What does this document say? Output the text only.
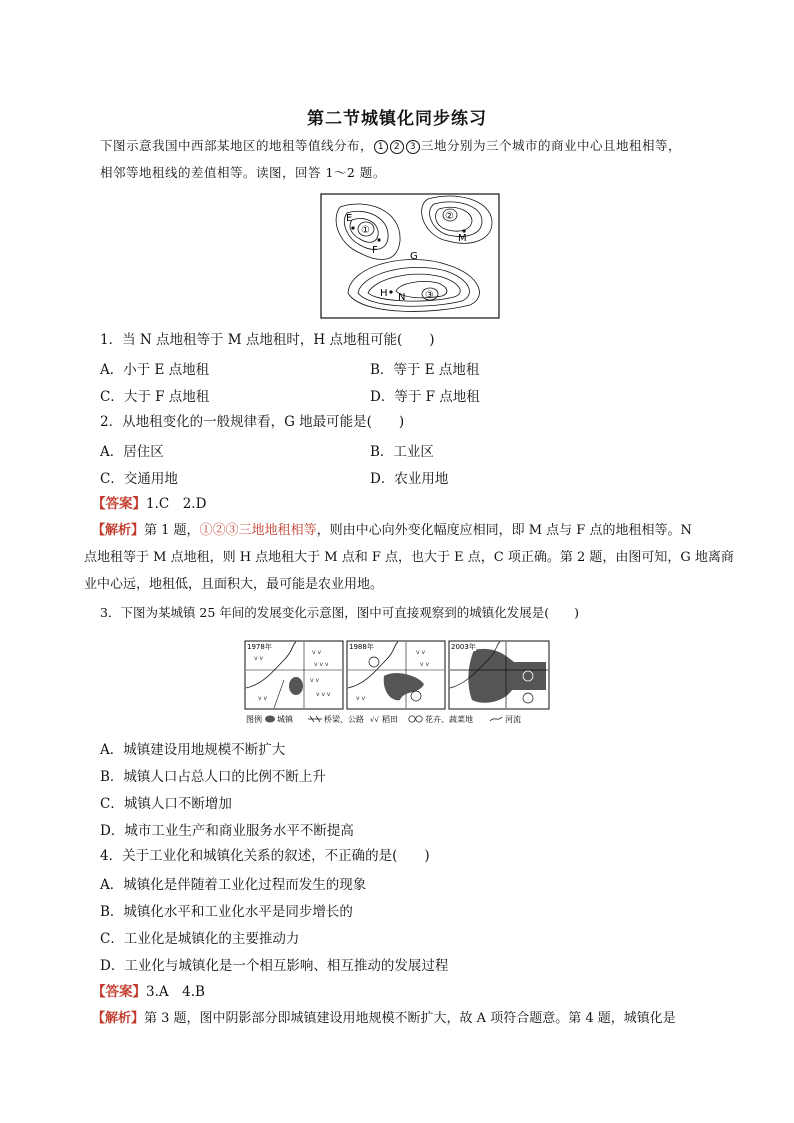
第二节城镇化同步练习
下图示意我国中西部某地区的地租等值线分布， 1 2 3 三地分别为三个城市的商业中心且地租相等，
相邻等地租线的差值相等。读图，回答 1～2 题。
E
F
G
H
M
N
①
②
③
1．当 N 点地租等于 M 点地租时，H 点地租可能(　　)
A．小于 E 点地租	B．等于 E 点地租
C．大于 F 点地租	D．等于 F 点地租
2．从地租变化的一般规律看，G 地最可能是(　　)
A．居住区	B．工业区
C．交通用地	D．农业用地
【答案】1.C　2.D
【解析】第 1 题，①②③三地地租相等，则由中心向外变化幅度应相同，即 M 点与 F 点的地租相等。N
点地租等于 M 点地租，则 H 点地租大于 M 点和 F 点，也大于 E 点，C 项正确。第 2 题，由图可知，G 地离商
业中心远，地租低，且面积大，最可能是农业用地。
3．下图为某城镇 25 年间的发展变化示意图，图中可直接观察到的城镇化发展是(　　)
v v
v v v
v v
v v v
v v
v v
1978年
v v
v v
v v
1988年	2003年
图例 城镇	桥梁、公路 √√ 稻田	花卉、蔬菜地	河流
A．城镇建设用地规模不断扩大
B．城镇人口占总人口的比例不断上升
C．城镇人口不断增加
D．城市工业生产和商业服务水平不断提高
4．关于工业化和城镇化关系的叙述，不正确的是(　　)
A．城镇化是伴随着工业化过程而发生的现象
B．城镇化水平和工业化水平是同步增长的
C．工业化是城镇化的主要推动力
D．工业化与城镇化是一个相互影响、相互推动的发展过程
【答案】3.A　4.B
【解析】第 3 题，图中阴影部分即城镇建设用地规模不断扩大，故 A 项符合题意。第 4 题，城镇化是
